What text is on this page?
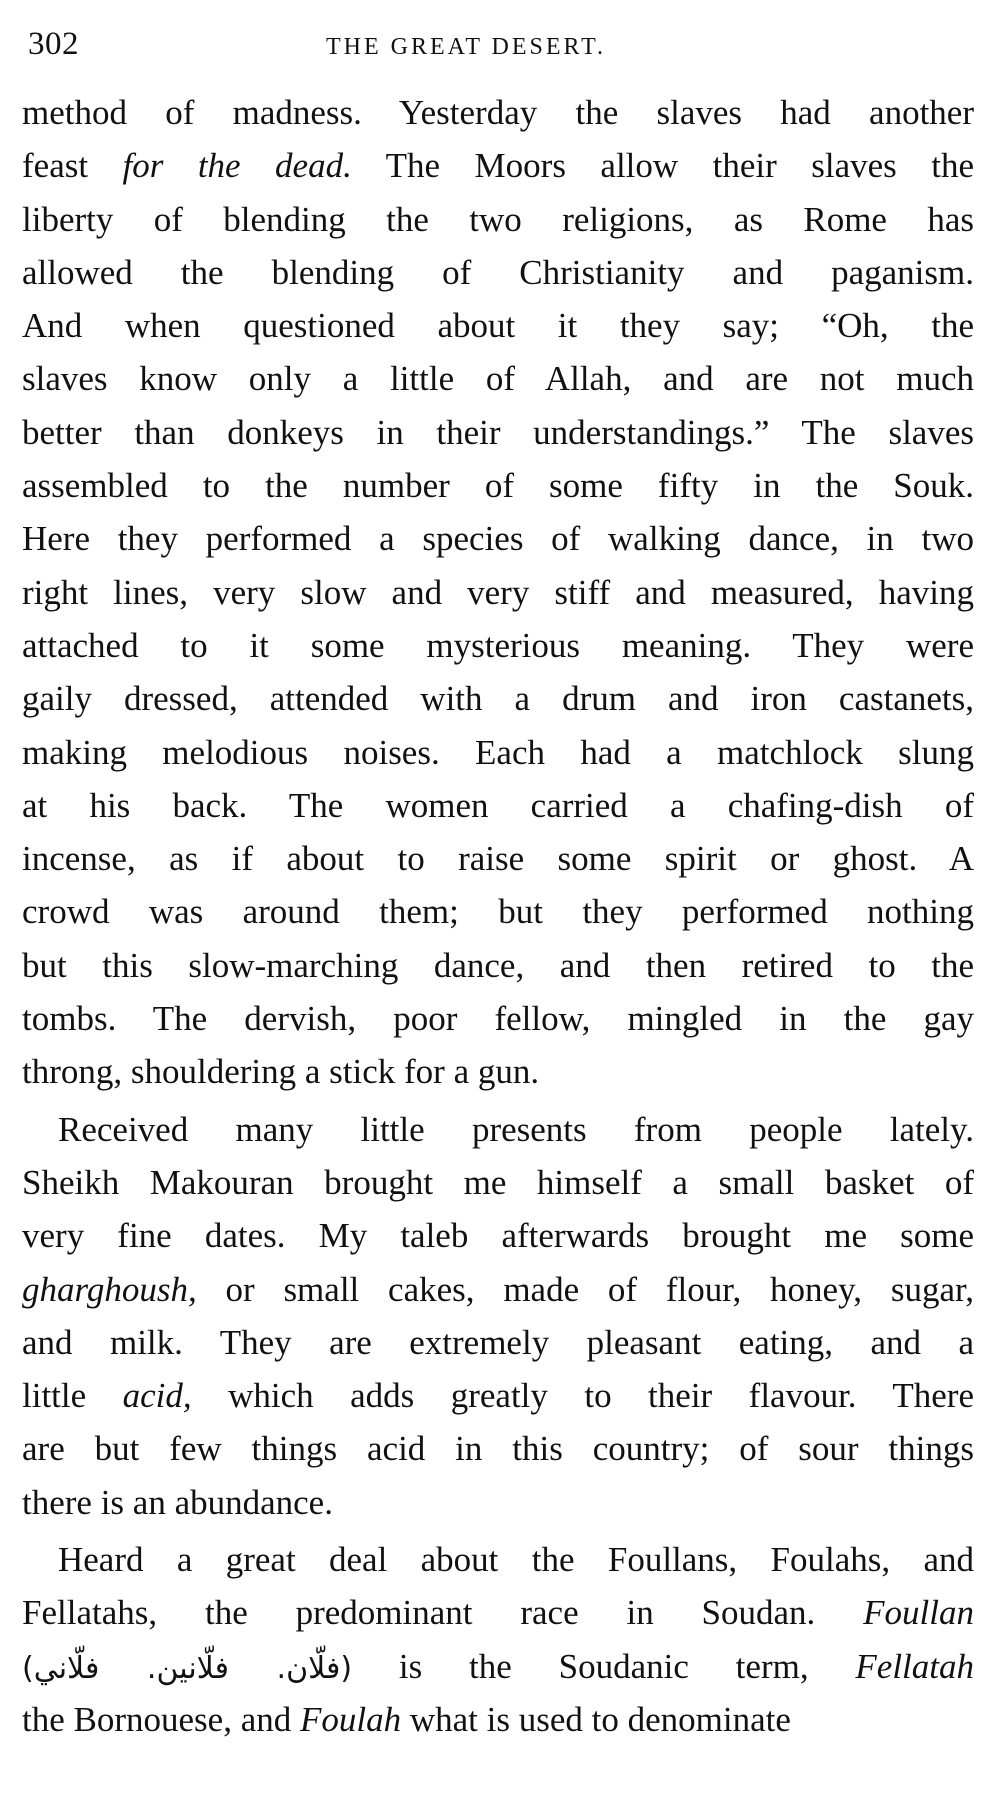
302	THE GREAT DESERT.
method of madness. Yesterday the slaves had another
feast for the dead. The Moors allow their slaves the
liberty of blending the two religions, as Rome has
allowed the blending of Christianity and paganism.
And when questioned about it they say; “Oh, the
slaves know only a little of Allah, and are not much
better than donkeys in their understandings.” The slaves
assembled to the number of some fifty in the Souk.
Here they performed a species of walking dance, in two
right lines, very slow and very stiff and measured, having
attached to it some mysterious meaning. They were
gaily dressed, attended with a drum and iron castanets,
making melodious noises. Each had a matchlock slung
at his back. The women carried a chafing-dish of
incense, as if about to raise some spirit or ghost. A
crowd was around them; but they performed nothing
but this slow-marching dance, and then retired to the
tombs. The dervish, poor fellow, mingled in the gay
throng, shouldering a stick for a gun.
Received many little presents from people lately.
Sheikh Makouran brought me himself a small basket of
very fine dates. My taleb afterwards brought me some
gharghoush, or small cakes, made of flour, honey, sugar,
and milk. They are extremely pleasant eating, and a
little acid, which adds greatly to their flavour. There
are but few things acid in this country; of sour things
there is an abundance.
Heard a great deal about the Foullans, Foulahs, and
Fellatahs, the predominant race in Soudan. Foullan
(فلّان. فلّانين. فلّاني) is the Soudanic term, Fellatah
the Bornouese, and Foulah what is used to denominate
